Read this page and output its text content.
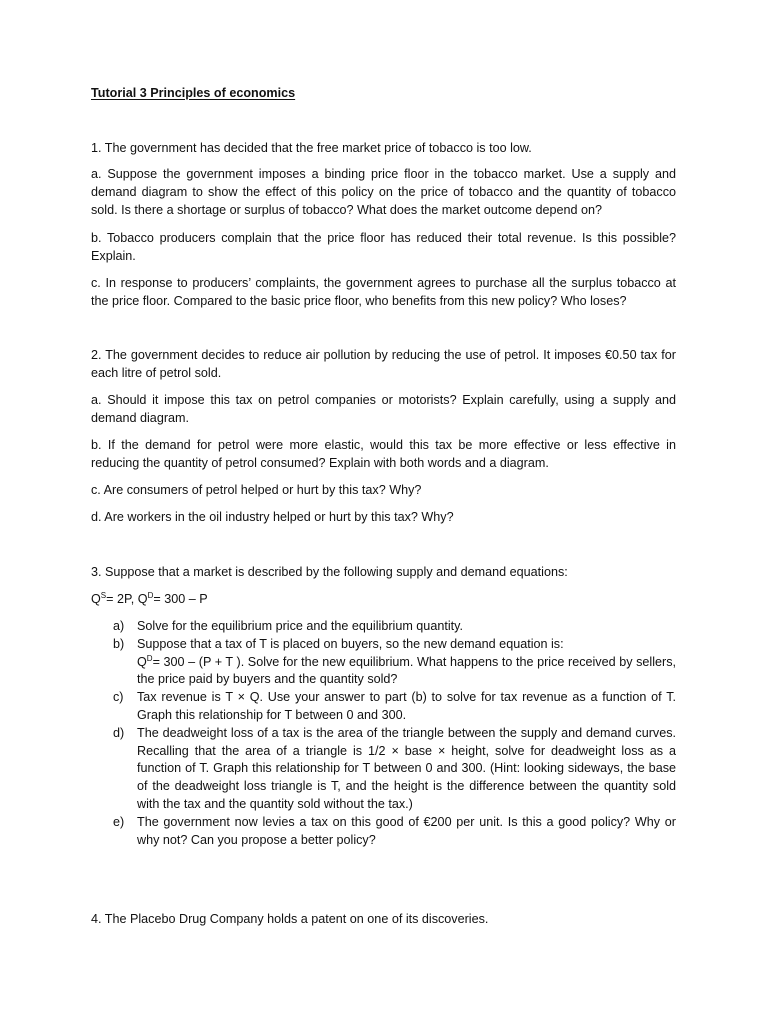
Tutorial 3 Principles of economics

1. The government has decided that the free market price of tobacco is too low.

a. Suppose the government imposes a binding price floor in the tobacco market. Use a supply and demand diagram to show the effect of this policy on the price of tobacco and the quantity of tobacco sold. Is there a shortage or surplus of tobacco? What does the market outcome depend on?

b. Tobacco producers complain that the price floor has reduced their total revenue. Is this possible? Explain.

c. In response to producers’ complaints, the government agrees to purchase all the surplus tobacco at the price floor. Compared to the basic price floor, who benefits from this new policy? Who loses?

2. The government decides to reduce air pollution by reducing the use of petrol. It imposes €0.50 tax for each litre of petrol sold.

a. Should it impose this tax on petrol companies or motorists? Explain carefully, using a supply and demand diagram.

b. If the demand for petrol were more elastic, would this tax be more effective or less effective in reducing the quantity of petrol consumed? Explain with both words and a diagram.

c. Are consumers of petrol helped or hurt by this tax? Why?

d. Are workers in the oil industry helped or hurt by this tax? Why?

3. Suppose that a market is described by the following supply and demand equations:

$Q^S= 2P$, $Q^D= 300 - P$

a) Solve for the equilibrium price and the equilibrium quantity.
b) Suppose that a tax of T is placed on buyers, so the new demand equation is:
$Q^D= 300 - (P + T$ ). Solve for the new equilibrium. What happens to the price received by sellers, the price paid by buyers and the quantity sold?
c) Tax revenue is T × Q. Use your answer to part (b) to solve for tax revenue as a function of T. Graph this relationship for T between 0 and 300.
d) The deadweight loss of a tax is the area of the triangle between the supply and demand curves. Recalling that the area of a triangle is 1/2 × base × height, solve for deadweight loss as a function of T. Graph this relationship for T between 0 and 300. (Hint: looking sideways, the base of the deadweight loss triangle is T, and the height is the difference between the quantity sold with the tax and the quantity sold without the tax.)
e) The government now levies a tax on this good of €200 per unit. Is this a good policy? Why or why not? Can you propose a better policy?

4. The Placebo Drug Company holds a patent on one of its discoveries.
